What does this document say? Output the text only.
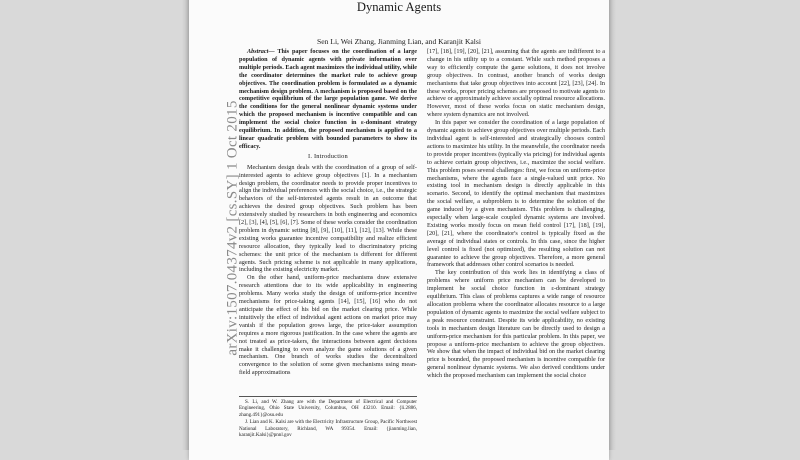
Dynamic Agents
Sen Li, Wei Zhang, Jianming Lian, and Karanjit Kalsi
arXiv:1507.04374v2 [cs.SY] 1 Oct 2015

Abstract— This paper focuses on the coordination of a large population of dynamic agents with private information over multiple periods. Each agent maximizes the individual utility, while the coordinator determines the market rule to achieve group objectives. The coordination problem is formulated as a dynamic mechanism design problem. A mechanism is proposed based on the competitive equilibrium of the large population game. We derive the conditions for the general nonlinear dynamic systems under which the proposed mechanism is incentive compatible and can implement the social choice function in ε-dominant strategy equilibrium. In addition, the proposed mechanism is applied to a linear quadratic problem with bounded parameters to show its efficacy.

I. Introduction

Mechanism design deals with the coordination of a group of self-interested agents to achieve group objectives [1]. In a mechanism design problem, the coordinator needs to provide proper incentives to align the individual preferences with the social choice, i.e., the strategic behaviors of the self-interested agents result in an outcome that achieves the desired group objectives. Such problem has been extensively studied by researchers in both engineering and economics [2], [3], [4], [5], [6], [7]. Some of these works consider the coordination problem in dynamic setting [8], [9], [10], [11], [12], [13]. While these existing works guarantee incentive compatibility and realize efficient resource allocation, they typically lead to discriminatory pricing schemes: the unit price of the mechanism is different for different agents. Such pricing scheme is not applicable in many applications, including the existing electricity market.

On the other hand, uniform-price mechanisms draw extensive research attentions due to its wide applicability in engineering problems. Many works study the design of uniform-price incentive mechanisms for price-taking agents [14], [15], [16] who do not anticipate the effect of his bid on the market clearing price. While intuitively the effect of individual agent actions on market price may vanish if the population grows large, the price-taker assumption requires a more rigorous justification. In the case where the agents are not treated as price-takers, the interactions between agent decisions make it challenging to even analyze the game solutions of a given mechanism. One branch of works studies the decentralized convergence to the solution of some given mechanisms using mean-field approximations

S. Li, and W. Zhang are with the Department of Electrical and Computer Engineering, Ohio State University, Columbus, OH 43210. Email: {li.2886, zhang.491}@osu.edu

J. Lian and K. Kalsi are with the Electricity Infrastructure Group, Pacific Northwest National Laboratory, Richland, WA 99354. Email: {jianming.lian, karanjit.Kalsi}@pnnl.gov

[17], [18], [19], [20], [21], assuming that the agents are indifferent to a change in his utility up to a constant. While such method proposes a way to efficiently compute the game solutions, it does not involve group objectives. In contrast, another branch of works design mechanisms that take group objectives into account [22], [23], [24]. In these works, proper pricing schemes are proposed to motivate agents to achieve or approximately achieve socially optimal resource allocations. However, most of these works focus on static mechanism design, where system dynamics are not involved.

In this paper we consider the coordination of a large population of dynamic agents to achieve group objectives over multiple periods. Each individual agent is self-interested and strategically chooses control actions to maximize his utility. In the meanwhile, the coordinator needs to provide proper incentives (typically via pricing) for individual agents to achieve certain group objectives, i.e., maximize the social welfare. This problem poses several challenges: first, we focus on uniform-price mechanisms, where the agents face a single-valued unit price. No existing tool in mechanism design is directly applicable in this scenario. Second, to identify the optimal mechanism that maximizes the social welfare, a subproblem is to determine the solution of the game induced by a given mechanism. This problem is challenging, especially when large-scale coupled dynamic systems are involved. Existing works mostly focus on mean field control [17], [18], [19], [20], [21], where the coordinator's control is typically fixed as the average of individual states or controls. In this case, since the higher level control is fixed (not optimized), the resulting solution can not guarantee to achieve the group objectives. Therefore, a more general framework that addresses other control scenarios is needed.

The key contribution of this work lies in identifying a class of problems where uniform price mechanism can be developed to implement he social choice function in ε-dominant strategy equilibrium. This class of problems captures a wide range of resource allocation problems where the coordinator allocates resource to a large population of dynamic agents to maximize the social welfare subject to a peak resource constraint. Despite its wide applicability, no existing tools in mechanism design literature can be directly used to design a uniform-price mechanism for this particular problem. In this paper, we propose a uniform-price mechanism to achieve the group objectives. We show that when the impact of individual bid on the market clearing price is bounded, the proposed mechanism is incentive compatible for general nonlinear dynamic systems. We also derived conditions under which the proposed mechanism can implement the social choice
